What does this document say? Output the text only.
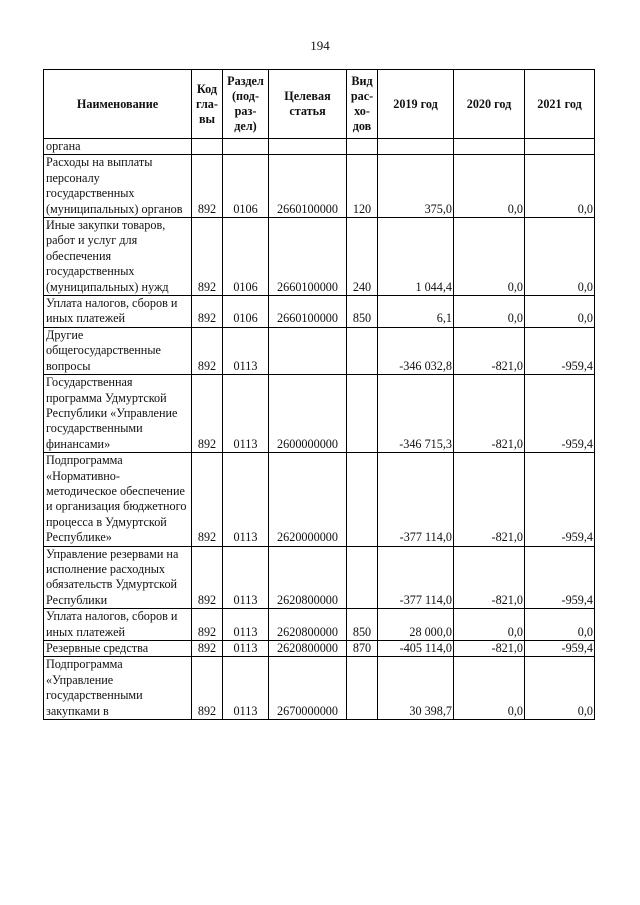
194
Наименование	Код гла- вы	Раздел (под- раз- дел)	Целевая статья	Вид рас- хо- дов	2019 год	2020 год	2021 год
органа							
Расходы на выплаты персоналу государственных (муниципальных) органов	892	0106	2660100000	120	375,0	0,0	0,0
Иные закупки товаров, работ и услуг для обеспечения государственных (муниципальных) нужд	892	0106	2660100000	240	1 044,4	0,0	0,0
Уплата налогов, сборов и иных платежей	892	0106	2660100000	850	6,1	0,0	0,0
Другие общегосударственные вопросы	892	0113			-346 032,8	-821,0	-959,4
Государственная программа Удмуртской Республики «Управление государственными финансами»	892	0113	2600000000		-346 715,3	-821,0	-959,4
Подпрограмма «Нормативно-методическое обеспечение и организация бюджетного процесса в Удмуртской Республике»	892	0113	2620000000		-377 114,0	-821,0	-959,4
Управление резервами на исполнение расходных обязательств Удмуртской Республики	892	0113	2620800000		-377 114,0	-821,0	-959,4
Уплата налогов, сборов и иных платежей	892	0113	2620800000	850	28 000,0	0,0	0,0
Резервные средства	892	0113	2620800000	870	-405 114,0	-821,0	-959,4
Подпрограмма «Управление государственными закупками в	892	0113	2670000000		30 398,7	0,0	0,0
